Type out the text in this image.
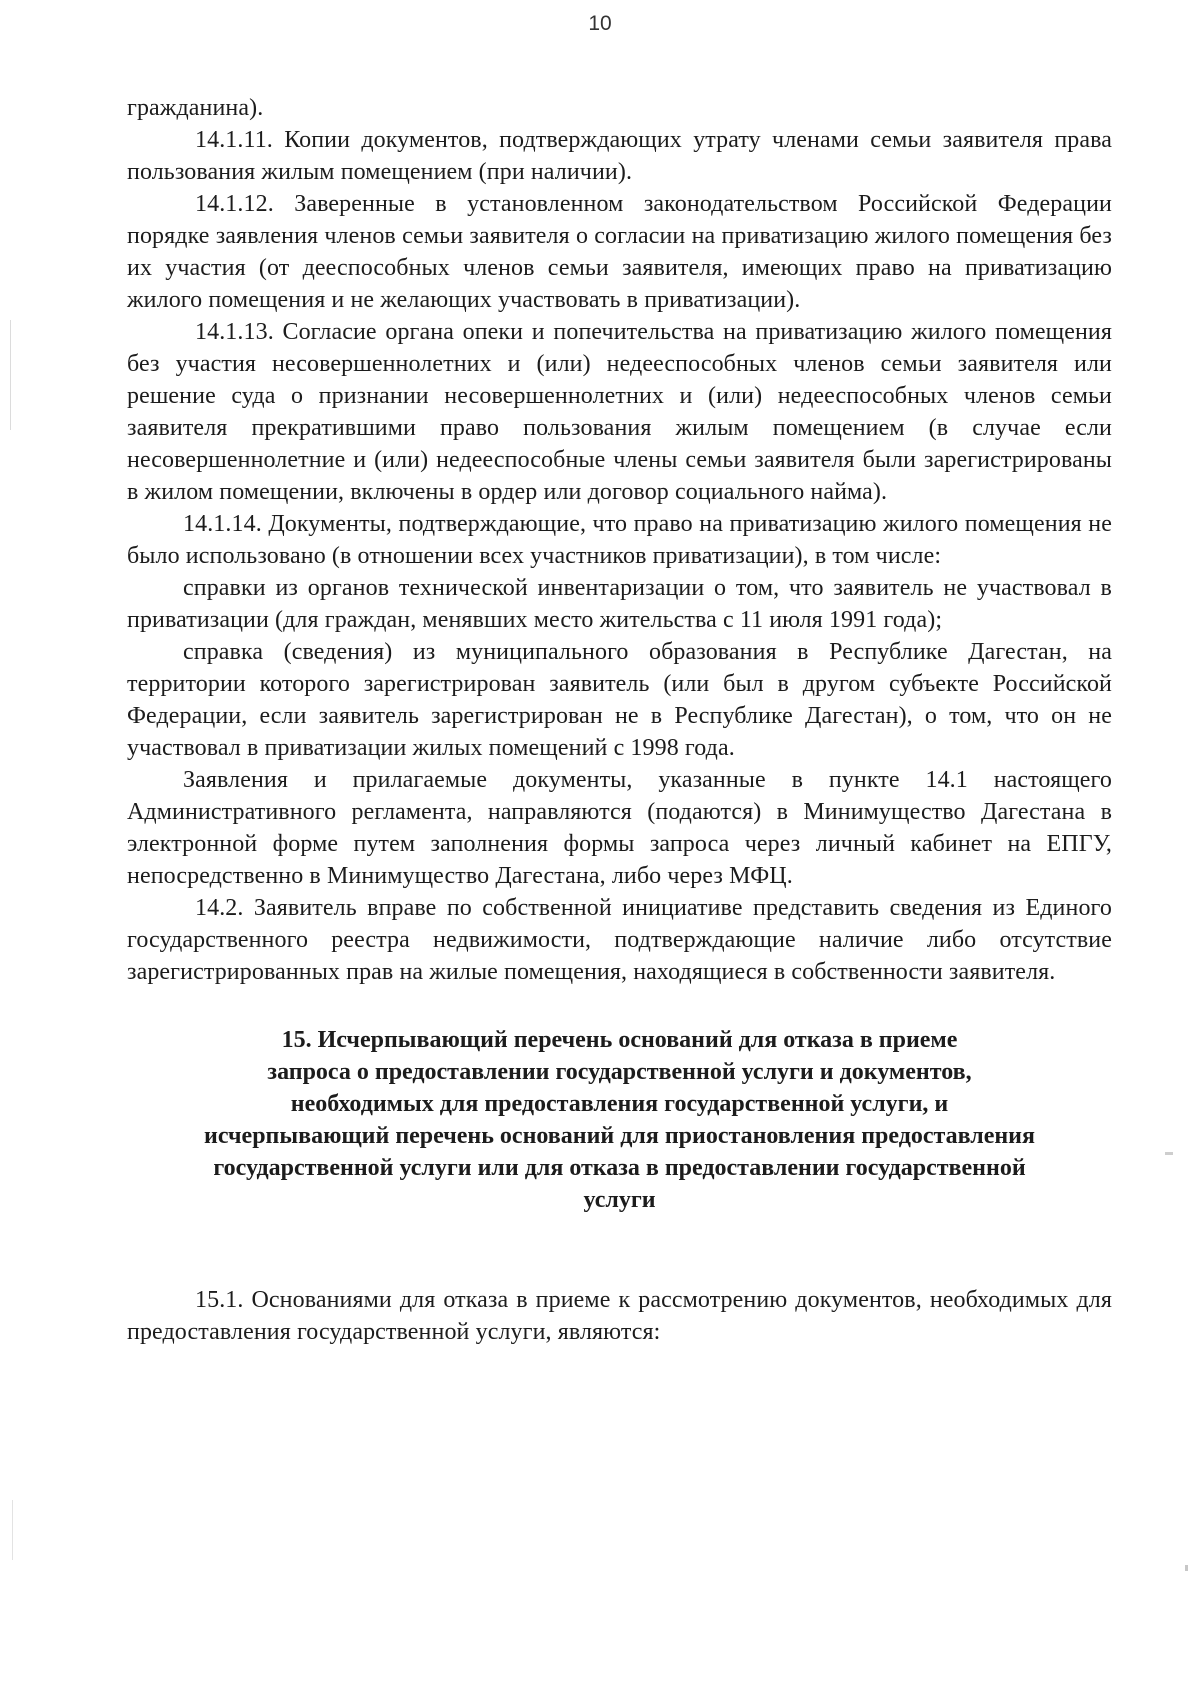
10

гражданина).

14.1.11. Копии документов, подтверждающих утрату членами семьи заявителя права пользования жилым помещением (при наличии).

14.1.12. Заверенные в установленном законодательством Российской Федерации порядке заявления членов семьи заявителя о согласии на приватизацию жилого помещения без их участия (от дееспособных членов семьи заявителя, имеющих право на приватизацию жилого помещения и не желающих участвовать в приватизации).

14.1.13. Согласие органа опеки и попечительства на приватизацию жилого помещения без участия несовершеннолетних и (или) недееспособных членов семьи заявителя или решение суда о признании несовершеннолетних и (или) недееспособных членов семьи заявителя прекратившими право пользования жилым помещением (в случае если несовершеннолетние и (или) недееспособные члены семьи заявителя были зарегистрированы в жилом помещении, включены в ордер или договор социального найма).

14.1.14. Документы, подтверждающие, что право на приватизацию жилого помещения не было использовано (в отношении всех участников приватизации), в том числе:

справки из органов технической инвентаризации о том, что заявитель не участвовал в приватизации (для граждан, менявших место жительства с 11 июля 1991 года);

справка (сведения) из муниципального образования в Республике Дагестан, на территории которого зарегистрирован заявитель (или был в другом субъекте Российской Федерации, если заявитель зарегистрирован не в Республике Дагестан), о том, что он не участвовал в приватизации жилых помещений с 1998 года.

Заявления и прилагаемые документы, указанные в пункте 14.1 настоящего Административного регламента, направляются (подаются) в Минимущество Дагестана в электронной форме путем заполнения формы запроса через личный кабинет на ЕПГУ, непосредственно в Минимущество Дагестана, либо через МФЦ.

14.2. Заявитель вправе по собственной инициативе представить сведения из Единого государственного реестра недвижимости, подтверждающие наличие либо отсутствие зарегистрированных прав на жилые помещения, находящиеся в собственности заявителя.

15. Исчерпывающий перечень оснований для отказа в приеме
запроса о предоставлении государственной услуги и документов,
необходимых для предоставления государственной услуги, и
исчерпывающий перечень оснований для приостановления предоставления
государственной услуги или для отказа в предоставлении государственной
услуги

15.1. Основаниями для отказа в приеме к рассмотрению документов, необходимых для предоставления государственной услуги, являются:
